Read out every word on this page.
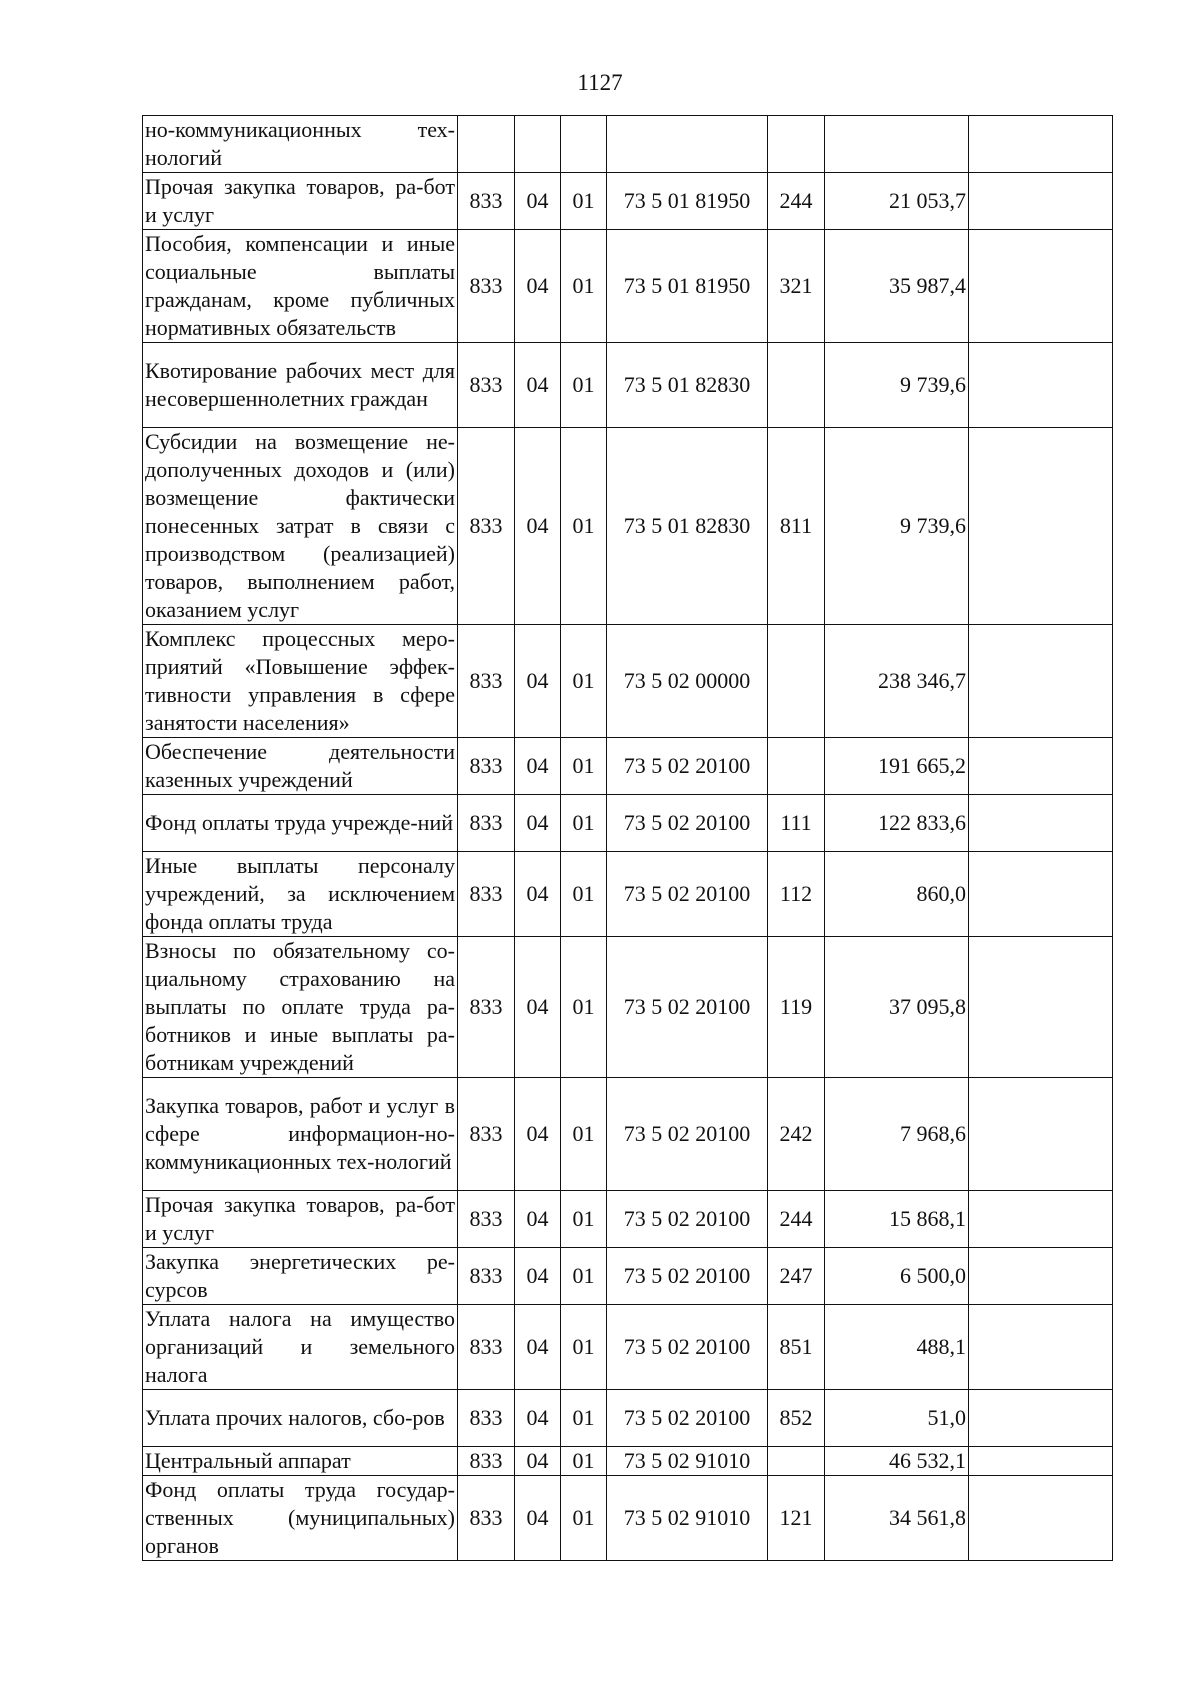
1127
но-коммуникационных тех-нологий							
Прочая закупка товаров, ра-бот и услуг	833	04	01	73 5 01 81950	244	21 053,7	
Пособия, компенсации и иные социальные выплаты гражданам, кроме публичных нормативных обязательств	833	04	01	73 5 01 81950	321	35 987,4	
Квотирование рабочих мест для несовершеннолетних граждан	833	04	01	73 5 01 82830		9 739,6	
Субсидии на возмещение не-дополученных доходов и (или) возмещение фактически понесенных затрат в связи с производством (реализацией) товаров, выполнением работ, оказанием услуг	833	04	01	73 5 01 82830	811	9 739,6	
Комплекс процессных меро-приятий «Повышение эффек-тивности управления в сфере занятости населения»	833	04	01	73 5 02 00000		238 346,7	
Обеспечение деятельности казенных учреждений	833	04	01	73 5 02 20100		191 665,2	
Фонд оплаты труда учрежде-ний	833	04	01	73 5 02 20100	111	122 833,6	
Иные выплаты персоналу учреждений, за исключением фонда оплаты труда	833	04	01	73 5 02 20100	112	860,0	
Взносы по обязательному со-циальному страхованию на выплаты по оплате труда ра-ботников и иные выплаты ра-ботникам учреждений	833	04	01	73 5 02 20100	119	37 095,8	
Закупка товаров, работ и услуг в сфере информацион-но-коммуникационных тех-нологий	833	04	01	73 5 02 20100	242	7 968,6	
Прочая закупка товаров, ра-бот и услуг	833	04	01	73 5 02 20100	244	15 868,1	
Закупка энергетических ре-сурсов	833	04	01	73 5 02 20100	247	6 500,0	
Уплата налога на имущество организаций и земельного налога	833	04	01	73 5 02 20100	851	488,1	
Уплата прочих налогов, сбо-ров	833	04	01	73 5 02 20100	852	51,0	
Центральный аппарат	833	04	01	73 5 02 91010		46 532,1	
Фонд оплаты труда государ-ственных (муниципальных) органов	833	04	01	73 5 02 91010	121	34 561,8	
